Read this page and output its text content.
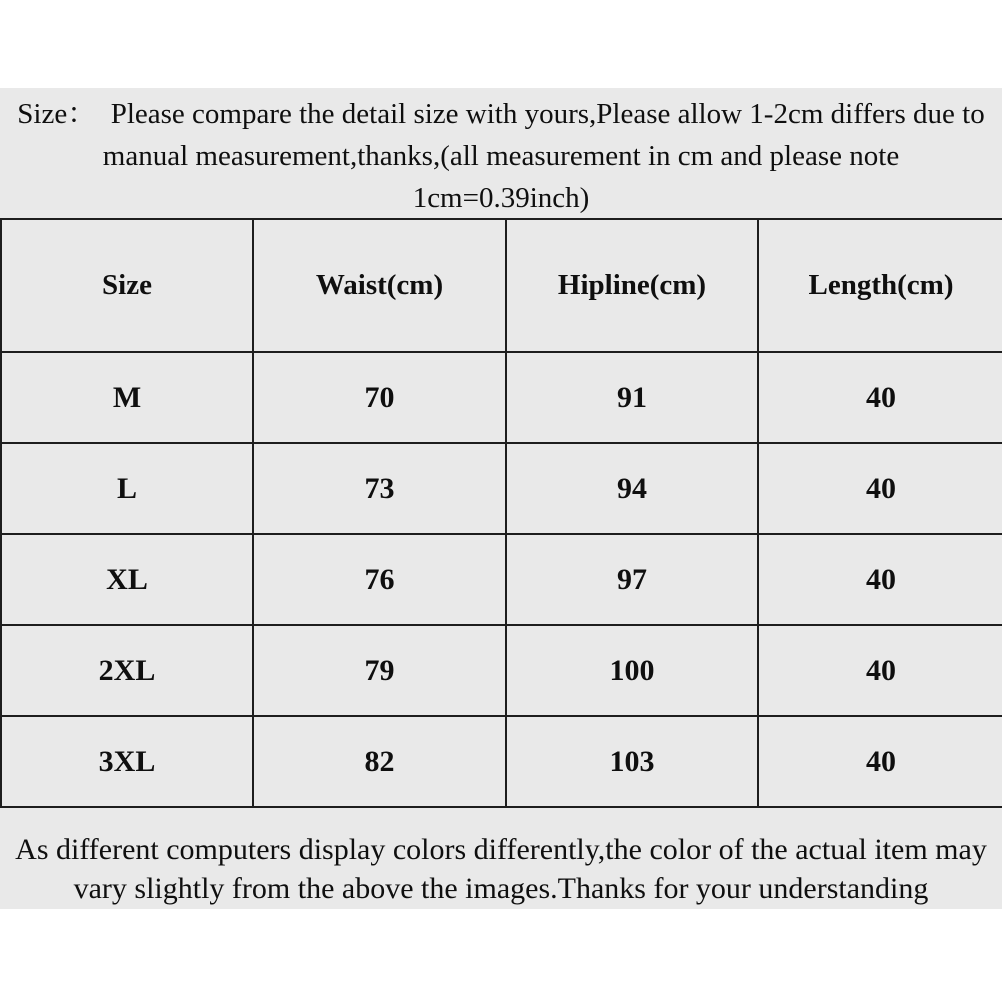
Size：  Please compare the detail size with yours,Please allow 1-2cm differs due to
manual measurement,thanks,(all measurement in cm and please note
1cm=0.39inch)
Size	Waist(cm)	Hipline(cm)	Length(cm)
M	70	91	40
L	73	94	40
XL	76	97	40
2XL	79	100	40
3XL	82	103	40
As different computers display colors differently,the color of the actual item may
vary slightly from the above the images.Thanks for your understanding
